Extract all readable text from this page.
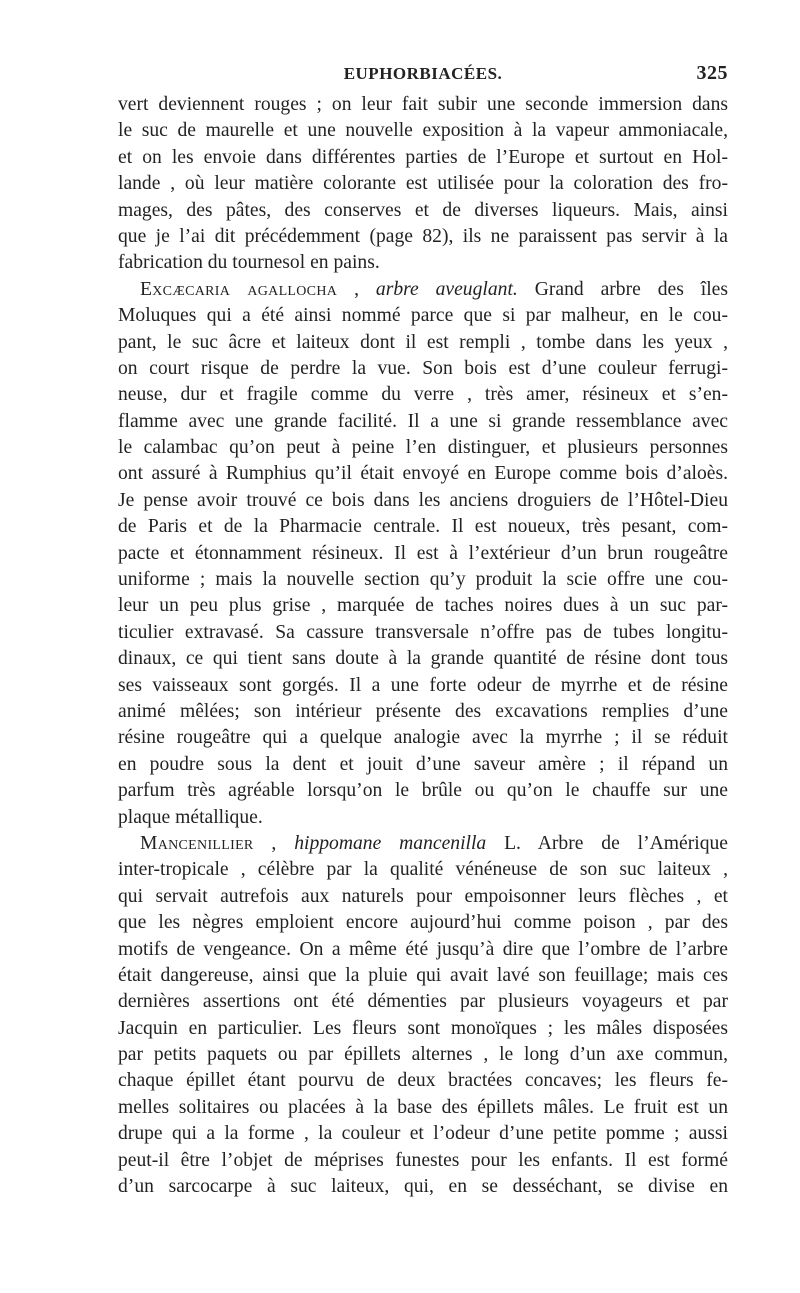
EUPHORBIACÉES.	325
vert deviennent rouges ; on leur fait subir une seconde immersion dans
le suc de maurelle et une nouvelle exposition à la vapeur ammoniacale,
et on les envoie dans différentes parties de l’Europe et surtout en Hol-
lande , où leur matière colorante est utilisée pour la coloration des fro-
mages, des pâtes, des conserves et de diverses liqueurs. Mais, ainsi
que je l’ai dit précédemment (page 82), ils ne paraissent pas servir à la
fabrication du tournesol en pains.
Excæcaria agallocha , arbre aveuglant. Grand arbre des îles
Moluques qui a été ainsi nommé parce que si par malheur, en le cou-
pant, le suc âcre et laiteux dont il est rempli , tombe dans les yeux ,
on court risque de perdre la vue. Son bois est d’une couleur ferrugi-
neuse, dur et fragile comme du verre , très amer, résineux et s’en-
flamme avec une grande facilité. Il a une si grande ressemblance avec
le calambac qu’on peut à peine l’en distinguer, et plusieurs personnes
ont assuré à Rumphius qu’il était envoyé en Europe comme bois d’aloès.
Je pense avoir trouvé ce bois dans les anciens droguiers de l’Hôtel-Dieu
de Paris et de la Pharmacie centrale. Il est noueux, très pesant, com-
pacte et étonnamment résineux. Il est à l’extérieur d’un brun rougeâtre
uniforme ; mais la nouvelle section qu’y produit la scie offre une cou-
leur un peu plus grise , marquée de taches noires dues à un suc par-
ticulier extravasé. Sa cassure transversale n’offre pas de tubes longitu-
dinaux, ce qui tient sans doute à la grande quantité de résine dont tous
ses vaisseaux sont gorgés. Il a une forte odeur de myrrhe et de résine
animé mêlées; son intérieur présente des excavations remplies d’une
résine rougeâtre qui a quelque analogie avec la myrrhe ; il se réduit
en poudre sous la dent et jouit d’une saveur amère ; il répand un
parfum très agréable lorsqu’on le brûle ou qu’on le chauffe sur une
plaque métallique.
Mancenillier , hippomane mancenilla L. Arbre de l’Amérique
inter-tropicale , célèbre par la qualité vénéneuse de son suc laiteux ,
qui servait autrefois aux naturels pour empoisonner leurs flèches , et
que les nègres emploient encore aujourd’hui comme poison , par des
motifs de vengeance. On a même été jusqu’à dire que l’ombre de l’arbre
était dangereuse, ainsi que la pluie qui avait lavé son feuillage; mais ces
dernières assertions ont été démenties par plusieurs voyageurs et par
Jacquin en particulier. Les fleurs sont monoïques ; les mâles disposées
par petits paquets ou par épillets alternes , le long d’un axe commun,
chaque épillet étant pourvu de deux bractées concaves; les fleurs fe-
melles solitaires ou placées à la base des épillets mâles. Le fruit est un
drupe qui a la forme , la couleur et l’odeur d’une petite pomme ; aussi
peut-il être l’objet de méprises funestes pour les enfants. Il est formé
d’un sarcocarpe à suc laiteux, qui, en se desséchant, se divise en
